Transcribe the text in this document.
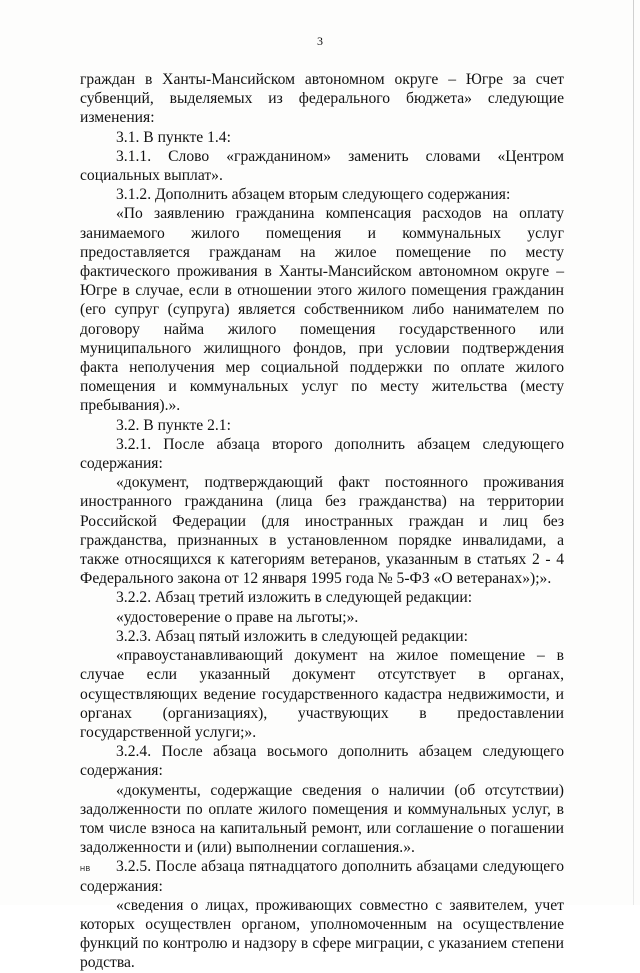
3

граждан в Ханты-Мансийском автономном округе – Югре за счет субвенций, выделяемых из федерального бюджета» следующие изменения:

3.1. В пункте 1.4:

3.1.1. Слово «гражданином» заменить словами «Центром социальных выплат».

3.1.2. Дополнить абзацем вторым следующего содержания:

«По заявлению гражданина компенсация расходов на оплату занимаемого жилого помещения и коммунальных услуг предоставляется гражданам на жилое помещение по месту фактического проживания в Ханты-Мансийском автономном округе – Югре в случае, если в отношении этого жилого помещения гражданин (его супруг (супруга) является собственником либо нанимателем по договору найма жилого помещения государственного или муниципального жилищного фондов, при условии подтверждения факта неполучения мер социальной поддержки по оплате жилого помещения и коммунальных услуг по месту жительства (месту пребывания).».

3.2. В пункте 2.1:

3.2.1. После абзаца второго дополнить абзацем следующего содержания:

«документ, подтверждающий факт постоянного проживания иностранного гражданина (лица без гражданства) на территории Российской Федерации (для иностранных граждан и лиц без гражданства, признанных в установленном порядке инвалидами, а также относящихся к категориям ветеранов, указанным в статьях 2 - 4 Федерального закона от 12 января 1995 года № 5-ФЗ «О ветеранах»);».

3.2.2. Абзац третий изложить в следующей редакции:

«удостоверение о праве на льготы;».

3.2.3. Абзац пятый изложить в следующей редакции:

«правоустанавливающий документ на жилое помещение – в случае если указанный документ отсутствует в органах, осуществляющих ведение государственного кадастра недвижимости, и органах (организациях), участвующих в предоставлении государственной услуги;».

3.2.4. После абзаца восьмого дополнить абзацем следующего содержания:

«документы, содержащие сведения о наличии (об отсутствии) задолженности по оплате жилого помещения и коммунальных услуг, в том числе взноса на капитальный ремонт, или соглашение о погашении задолженности и (или) выполнении соглашения.».

3.2.5. После абзаца пятнадцатого дополнить абзацами следующего содержания:

«сведения о лицах, проживающих совместно с заявителем, учет которых осуществлен органом, уполномоченным на осуществление функций по контролю и надзору в сфере миграции, с указанием степени родства.

НВ
